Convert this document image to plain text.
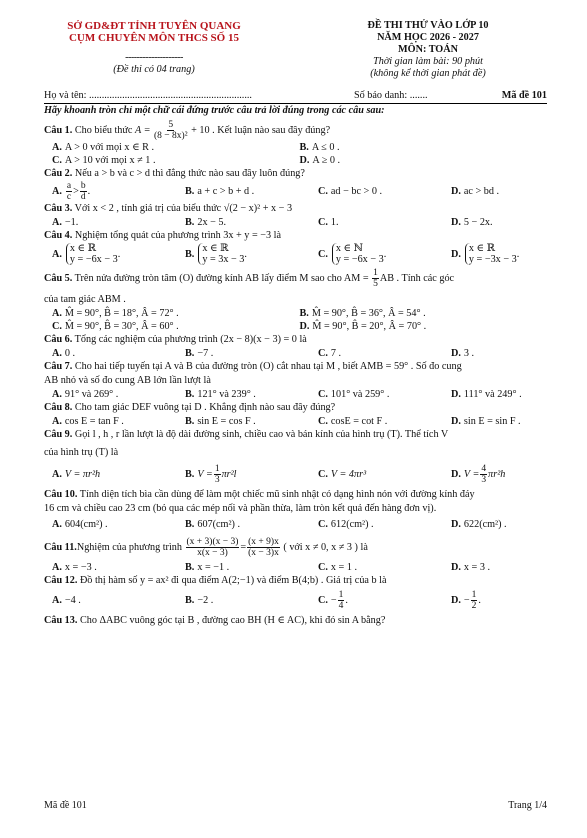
SỞ GD&ĐT TỈNH TUYÊN QUANG
CỤM CHUYÊN MÔN THCS SỐ 15
--------------------
(Đề thi có 04 trang)
ĐỀ THI THỬ VÀO LỚP 10
NĂM HỌC 2026 - 2027
MÔN: TOÁN
Thời gian làm bài: 90 phút
(không kể thời gian phát đề)
Họ và tên: ................................................................	Số báo danh: .......	Mã đề 101
Hãy khoanh tròn chỉ một chữ cái đứng trước câu trả lời đúng trong các câu sau:
Câu 1. Cho biểu thức $A = \frac{5}{\text{(8 − 8x)²}} + 10$ . Kết luận nào sau đây đúng?
A. A > 0 với mọi x ∈ R .	B. A ≤ 0 .
C. A > 10 với mọi x ≠ 1 .	D. A ≥ 0 .
Câu 2. Nếu a > b và c > d thì đẳng thức nào sau đây luôn đúng?
A. $\frac{a}{c} > \frac{b}{d}$ .	B. a + c > b + d .	C. ad − bc > 0 .	D. ac > bd .
Câu 3. Với x < 2 , tính giá trị của biểu thức √(2 − x)² + x − 3
A. −1.	B. 2x − 5.	C. 1.	D. 5 − 2x.
Câu 4. Nghiệm tổng quát của phương trình 3x + y = −3 là
A. x ∈ ℝ
y = −6x − 3 .	B. x ∈ ℝ
y = 3x − 3 .	C. x ∈ ℕ
y = −6x − 3 .	D. x ∈ ℝ
y = −3x − 3 .
Câu 5. Trên nửa đường tròn tâm (O) đường kính AB lấy điểm M sao cho AM = $\frac{1}{5}$ AB . Tính các góc
của tam giác ABM .
A. M̂ = 90°, B̂ = 18°, Â = 72° .	B. M̂ = 90°, B̂ = 36°, Â = 54° .
C. M̂ = 90°, B̂ = 30°, Â = 60° .	D. M̂ = 90°, B̂ = 20°, Â = 70° .
Câu 6. Tổng các nghiệm của phương trình (2x − 8)(x − 3) = 0 là
A. 0 .	B. −7 .	C. 7 .	D. 3 .
Câu 7. Cho hai tiếp tuyến tại A và B của đường tròn (O) cắt nhau tại M , biết AMB = 59° . Số đo cung
AB nhỏ và số đo cung AB lớn lần lượt là
A. 91° và 269° .	B. 121° và 239° .	C. 101° và 259° .	D. 111° và 249° .
Câu 8. Cho tam giác DEF vuông tại D . Khẳng định nào sau đây đúng?
A. cos E = tan F .	B. sin E = cos F .	C. cosE = cot F .	D. sin E = sin F .
Câu 9. Gọi l , h , r lần lượt là độ dài đường sinh, chiều cao và bán kính của hình trụ (T). Thể tích V
của hình trụ (T) là
A. V = πr²h	B. $V = \frac{1}{3} \pi r^2l$	C. V = 4πr³	D. $V = \frac{4}{3} \pi r^2h$
Câu 10. Tính diện tích bìa cần dùng để làm một chiếc mũ sinh nhật có dạng hình nón với đường kính đáy
16 cm và chiều cao 23 cm (bỏ qua các mép nối và phần thừa, làm tròn kết quả đến hàng đơn vị).
A. 604(cm²) .	B. 607(cm²) .	C. 612(cm²) .	D. 622(cm²) .
Câu 11. Nghiệm của phương trình
$\frac{(x + 3)(x - 3)}{x(x - 3)} = \frac{(x + 9)x}{(x - 3)x}$
( với x ≠ 0, x ≠ 3 ) là
A. x = −3 .	B. x = −1 .	C. x = 1 .	D. x = 3 .
Câu 12. Đồ thị hàm số y = ax² đi qua điểm A(2;−1) và điểm B(4;b) . Giá trị của b là
A. −4 .	B. −2 .	C. − $\frac{1}{4}$ .	D. − $\frac{1}{2}$ .
Câu 13. Cho ΔABC vuông góc tại B , đường cao BH (H ∈ AC), khi đó sin A bằng?
Mã đề 101	Trang 1/4
